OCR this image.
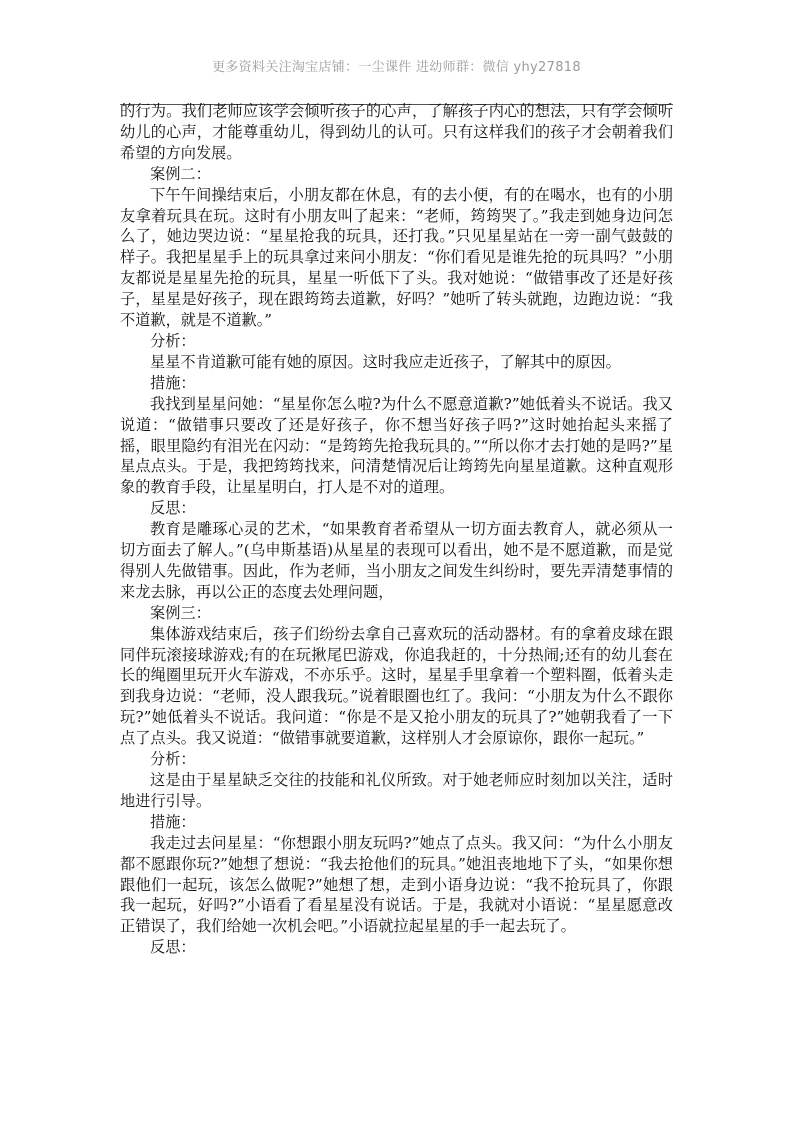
更多资料关注淘宝店铺：一尘课件 进幼师群：微信 yhy27818

的行为。我们老师应该学会倾听孩子的心声，了解孩子内心的想法，只有学会倾听幼儿的心声，才能尊重幼儿，得到幼儿的认可。只有这样我们的孩子才会朝着我们希望的方向发展。

案例二：

下午午间操结束后，小朋友都在休息，有的去小便，有的在喝水，也有的小朋友拿着玩具在玩。这时有小朋友叫了起来：“老师，筠筠哭了。”我走到她身边问怎么了，她边哭边说：“星星抢我的玩具，还打我。”只见星星站在一旁一副气鼓鼓的样子。我把星星手上的玩具拿过来问小朋友：“你们看见是谁先抢的玩具吗？”小朋友都说是星星先抢的玩具，星星一听低下了头。我对她说：“做错事改了还是好孩子，星星是好孩子，现在跟筠筠去道歉，好吗？”她听了转头就跑，边跑边说：“我不道歉，就是不道歉。”

分析：

星星不肯道歉可能有她的原因。这时我应走近孩子，了解其中的原因。

措施：

我找到星星问她：“星星你怎么啦?为什么不愿意道歉?”她低着头不说话。我又说道：“做错事只要改了还是好孩子，你不想当好孩子吗?”这时她抬起头来摇了摇，眼里隐约有泪光在闪动：“是筠筠先抢我玩具的。”“所以你才去打她的是吗?”星星点点头。于是，我把筠筠找来，问清楚情况后让筠筠先向星星道歉。这种直观形象的教育手段，让星星明白，打人是不对的道理。

反思：

教育是雕琢心灵的艺术，“如果教育者希望从一切方面去教育人，就必须从一切方面去了解人。”(乌申斯基语)从星星的表现可以看出，她不是不愿道歉，而是觉得别人先做错事。因此，作为老师，当小朋友之间发生纠纷时，要先弄清楚事情的来龙去脉，再以公正的态度去处理问题，

案例三：

集体游戏结束后，孩子们纷纷去拿自己喜欢玩的活动器材。有的拿着皮球在跟同伴玩滚接球游戏;有的在玩揪尾巴游戏，你追我赶的，十分热闹;还有的幼儿套在长的绳圈里玩开火车游戏，不亦乐乎。这时，星星手里拿着一个塑料圈，低着头走到我身边说：“老师，没人跟我玩。”说着眼圈也红了。我问：“小朋友为什么不跟你玩?”她低着头不说话。我问道：“你是不是又抢小朋友的玩具了?”她朝我看了一下点了点头。我又说道：“做错事就要道歉，这样别人才会原谅你，跟你一起玩。”

分析：

这是由于星星缺乏交往的技能和礼仪所致。对于她老师应时刻加以关注，适时地进行引导。

措施：

我走过去问星星：“你想跟小朋友玩吗?”她点了点头。我又问：“为什么小朋友都不愿跟你玩?”她想了想说：“我去抢他们的玩具。”她沮丧地地下了头，“如果你想跟他们一起玩，该怎么做呢?”她想了想，走到小语身边说：“我不抢玩具了，你跟我一起玩，好吗?”小语看了看星星没有说话。于是，我就对小语说：“星星愿意改正错误了，我们给她一次机会吧。”小语就拉起星星的手一起去玩了。

反思：
